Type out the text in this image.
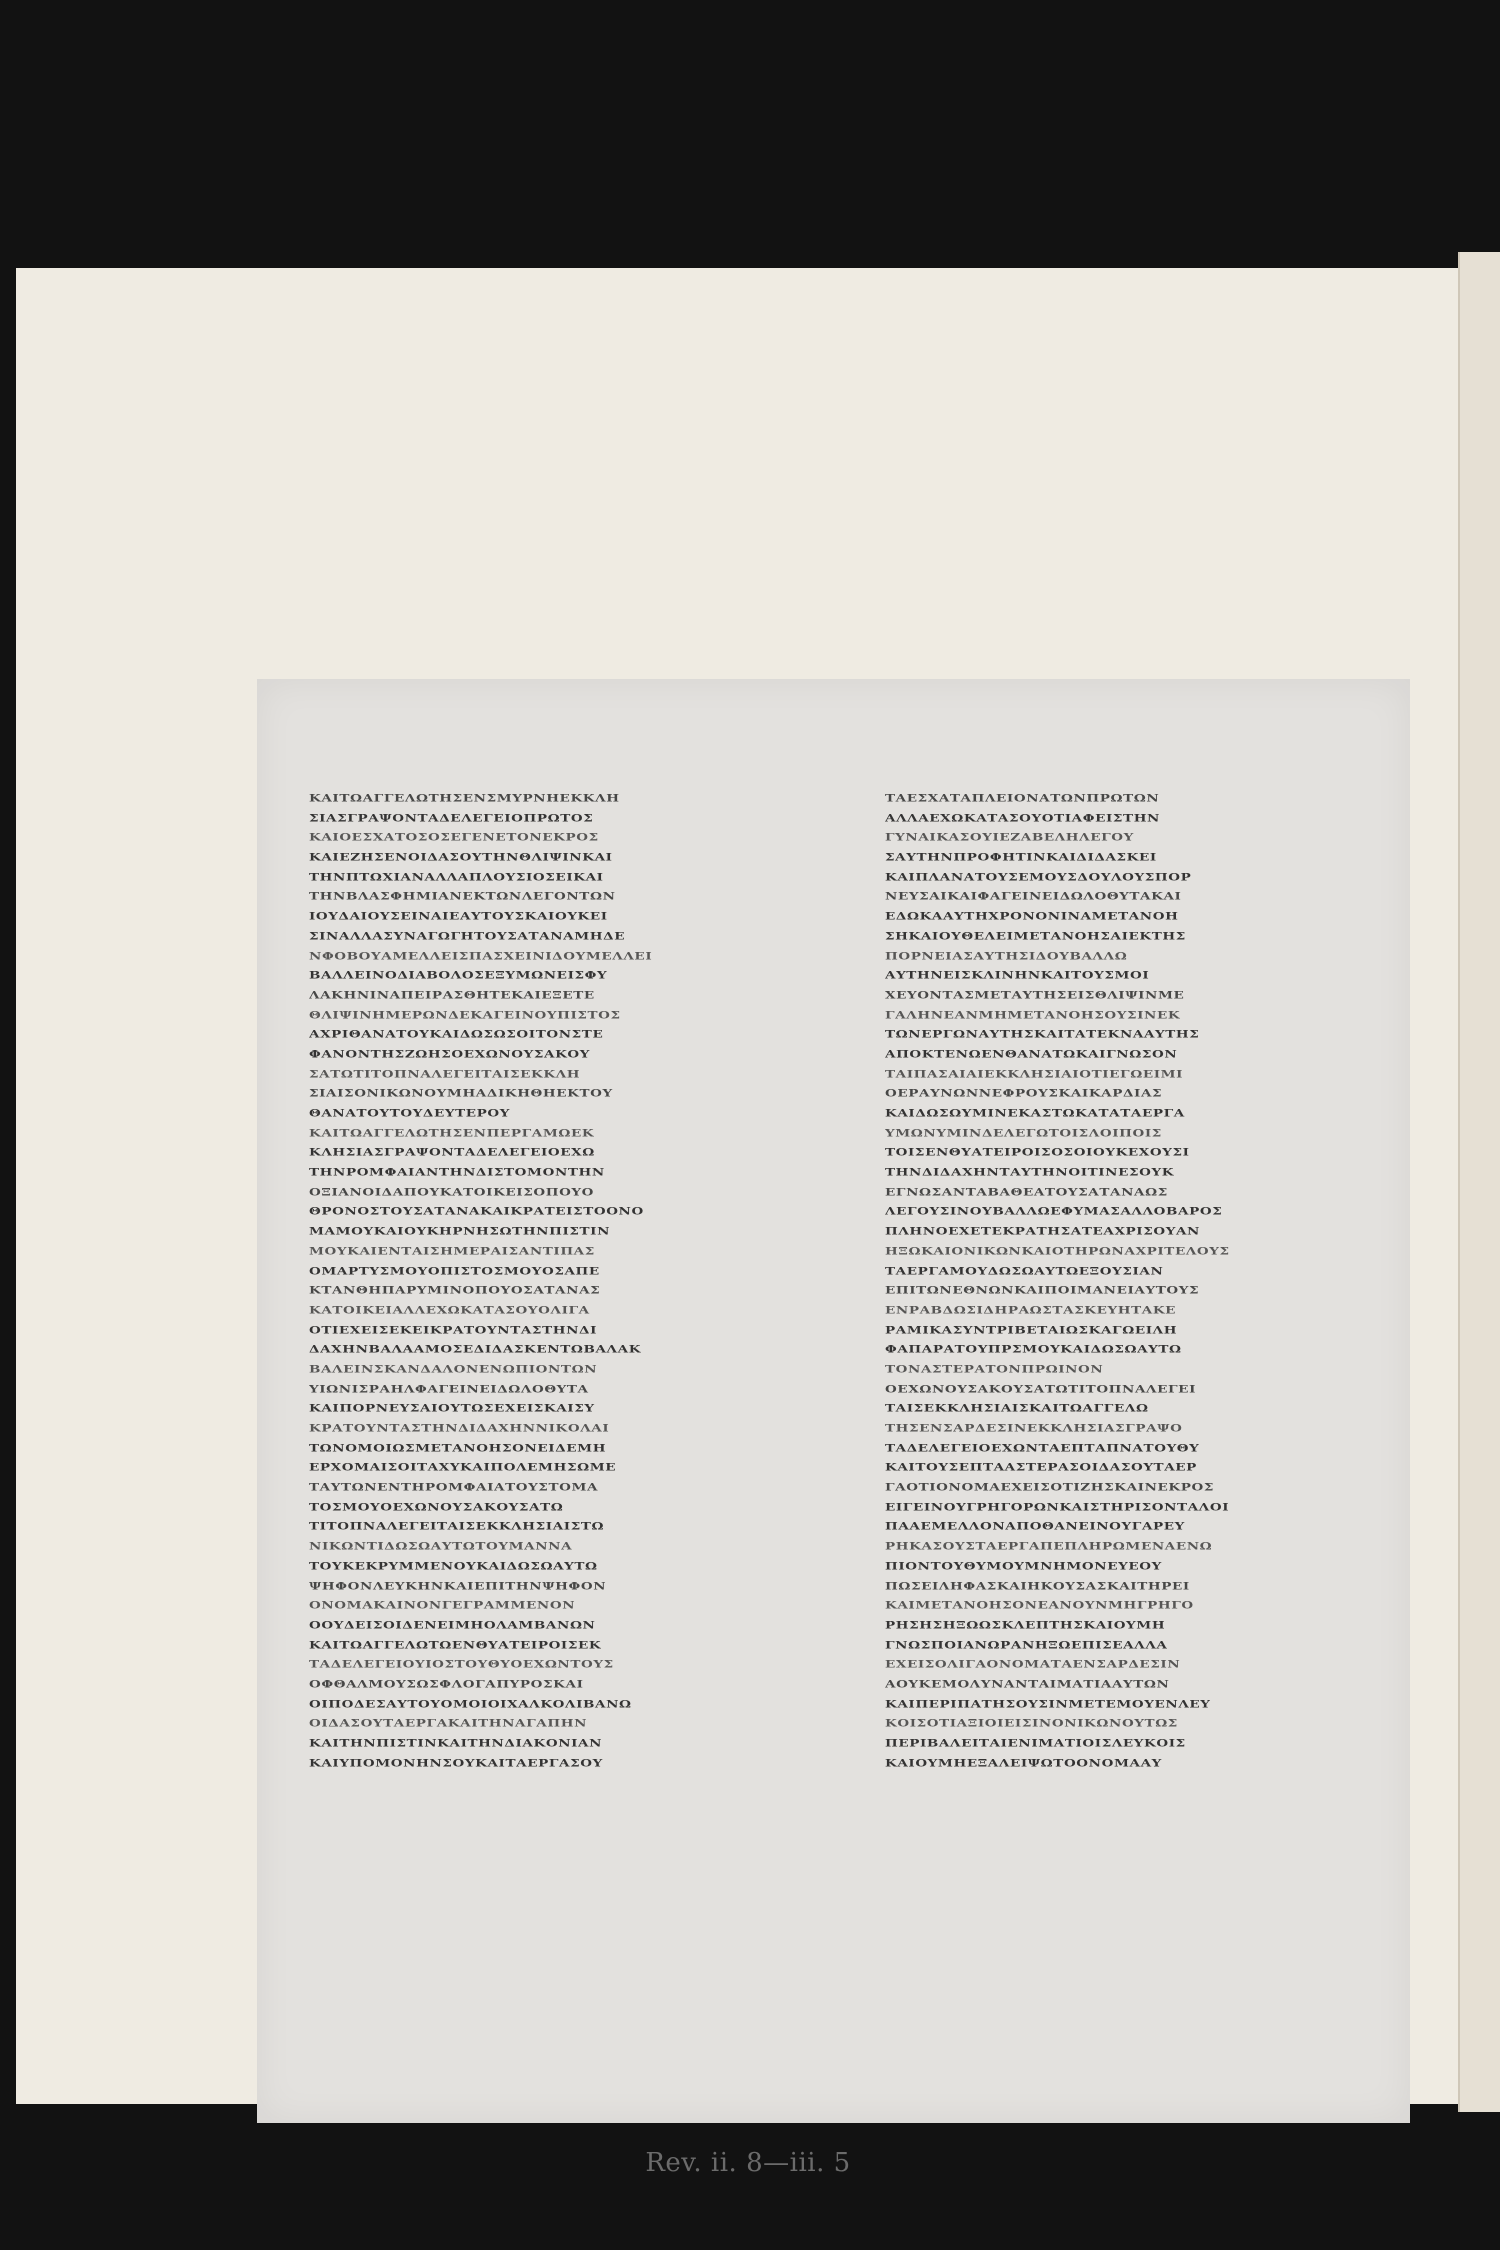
ΚΑΙΤΩΑΓΓΕΛΩΤΗΣΕΝΣΜΥΡΝΗΕΚΚΛΗ
ΣΙΑΣΓΡΑΨΟΝΤΑΔΕΛΕΓΕΙΟΠΡΩΤΟΣ
ΚΑΙΟΕΣΧΑΤΟΣΟΣΕΓΕΝΕΤΟΝΕΚΡΟΣ
ΚΑΙΕΖΗΣΕΝΟΙΔΑΣΟΥΤΗΝΘΛΙΨΙΝΚΑΙ
ΤΗΝΠΤΩΧΙΑΝΑΛΛΑΠΛΟΥΣΙΟΣΕΙΚΑΙ
ΤΗΝΒΛΑΣΦΗΜΙΑΝΕΚΤΩΝΛΕΓΟΝΤΩΝ
ΙΟΥΔΑΙΟΥΣΕΙΝΑΙΕΑΥΤΟΥΣΚΑΙΟΥΚΕΙ
ΣΙΝΑΛΛΑΣΥΝΑΓΩΓΗΤΟΥΣΑΤΑΝΑΜΗΔΕ
ΝΦΟΒΟΥΑΜΕΛΛΕΙΣΠΑΣΧΕΙΝΙΔΟΥΜΕΛΛΕΙ
ΒΑΛΛΕΙΝΟΔΙΑΒΟΛΟΣΕΞΥΜΩΝΕΙΣΦΥ
ΛΑΚΗΝΙΝΑΠΕΙΡΑΣΘΗΤΕΚΑΙΕΞΕΤΕ
ΘΛΙΨΙΝΗΜΕΡΩΝΔΕΚΑΓΕΙΝΟΥΠΙΣΤΟΣ
ΑΧΡΙΘΑΝΑΤΟΥΚΑΙΔΩΣΩΣΟΙΤΟΝΣΤΕ
ΦΑΝΟΝΤΗΣΖΩΗΣΟΕΧΩΝΟΥΣΑΚΟΥ
ΣΑΤΩΤΙΤΟΠΝΑΛΕΓΕΙΤΑΙΣΕΚΚΛΗ
ΣΙΑΙΣΟΝΙΚΩΝΟΥΜΗΑΔΙΚΗΘΗΕΚΤΟΥ
ΘΑΝΑΤΟΥΤΟΥΔΕΥΤΕΡΟΥ
ΚΑΙΤΩΑΓΓΕΛΩΤΗΣΕΝΠΕΡΓΑΜΩΕΚ
ΚΛΗΣΙΑΣΓΡΑΨΟΝΤΑΔΕΛΕΓΕΙΟΕΧΩ
ΤΗΝΡΟΜΦΑΙΑΝΤΗΝΔΙΣΤΟΜΟΝΤΗΝ
ΟΞΙΑΝΟΙΔΑΠΟΥΚΑΤΟΙΚΕΙΣΟΠΟΥΟ
ΘΡΟΝΟΣΤΟΥΣΑΤΑΝΑΚΑΙΚΡΑΤΕΙΣΤΟΟΝΟ
ΜΑΜΟΥΚΑΙΟΥΚΗΡΝΗΣΩΤΗΝΠΙΣΤΙΝ
ΜΟΥΚΑΙΕΝΤΑΙΣΗΜΕΡΑΙΣΑΝΤΙΠΑΣ
ΟΜΑΡΤΥΣΜΟΥΟΠΙΣΤΟΣΜΟΥΟΣΑΠΕ
ΚΤΑΝΘΗΠΑΡΥΜΙΝΟΠΟΥΟΣΑΤΑΝΑΣ
ΚΑΤΟΙΚΕΙΑΛΛΕΧΩΚΑΤΑΣΟΥΟΛΙΓΑ
ΟΤΙΕΧΕΙΣΕΚΕΙΚΡΑΤΟΥΝΤΑΣΤΗΝΔΙ
ΔΑΧΗΝΒΑΛΑΑΜΟΣΕΔΙΔΑΣΚΕΝΤΩΒΑΛΑΚ
ΒΑΛΕΙΝΣΚΑΝΔΑΛΟΝΕΝΩΠΙΟΝΤΩΝ
ΥΙΩΝΙΣΡΑΗΛΦΑΓΕΙΝΕΙΔΩΛΟΘΥΤΑ
ΚΑΙΠΟΡΝΕΥΣΑΙΟΥΤΩΣΕΧΕΙΣΚΑΙΣΥ
ΚΡΑΤΟΥΝΤΑΣΤΗΝΔΙΔΑΧΗΝΝΙΚΟΛΑΙ
ΤΩΝΟΜΟΙΩΣΜΕΤΑΝΟΗΣΟΝΕΙΔΕΜΗ
ΕΡΧΟΜΑΙΣΟΙΤΑΧΥΚΑΙΠΟΛΕΜΗΣΩΜΕ
ΤΑΥΤΩΝΕΝΤΗΡΟΜΦΑΙΑΤΟΥΣΤΟΜΑ
ΤΟΣΜΟΥΟΕΧΩΝΟΥΣΑΚΟΥΣΑΤΩ
ΤΙΤΟΠΝΑΛΕΓΕΙΤΑΙΣΕΚΚΛΗΣΙΑΙΣΤΩ
ΝΙΚΩΝΤΙΔΩΣΩΑΥΤΩΤΟΥΜΑΝΝΑ
ΤΟΥΚΕΚΡΥΜΜΕΝΟΥΚΑΙΔΩΣΩΑΥΤΩ
ΨΗΦΟΝΛΕΥΚΗΝΚΑΙΕΠΙΤΗΝΨΗΦΟΝ
ΟΝΟΜΑΚΑΙΝΟΝΓΕΓΡΑΜΜΕΝΟΝ
ΟΟΥΔΕΙΣΟΙΔΕΝΕΙΜΗΟΛΑΜΒΑΝΩΝ
ΚΑΙΤΩΑΓΓΕΛΩΤΩΕΝΘΥΑΤΕΙΡΟΙΣΕΚ
ΤΑΔΕΛΕΓΕΙΟΥΙΟΣΤΟΥΘΥΟΕΧΩΝΤΟΥΣ
ΟΦΘΑΛΜΟΥΣΩΣΦΛΟΓΑΠΥΡΟΣΚΑΙ
ΟΙΠΟΔΕΣΑΥΤΟΥΟΜΟΙΟΙΧΑΛΚΟΛΙΒΑΝΩ
ΟΙΔΑΣΟΥΤΑΕΡΓΑΚΑΙΤΗΝΑΓΑΠΗΝ
ΚΑΙΤΗΝΠΙΣΤΙΝΚΑΙΤΗΝΔΙΑΚΟΝΙΑΝ
ΚΑΙΥΠΟΜΟΝΗΝΣΟΥΚΑΙΤΑΕΡΓΑΣΟΥ
ΤΑΕΣΧΑΤΑΠΛΕΙΟΝΑΤΩΝΠΡΩΤΩΝ
ΑΛΛΑΕΧΩΚΑΤΑΣΟΥΟΤΙΑΦΕΙΣΤΗΝ
ΓΥΝΑΙΚΑΣΟΥΙΕΖΑΒΕΛΗΛΕΓΟΥ
ΣΑΥΤΗΝΠΡΟΦΗΤΙΝΚΑΙΔΙΔΑΣΚΕΙ
ΚΑΙΠΛΑΝΑΤΟΥΣΕΜΟΥΣΔΟΥΛΟΥΣΠΟΡ
ΝΕΥΣΑΙΚΑΙΦΑΓΕΙΝΕΙΔΩΛΟΘΥΤΑΚΑΙ
ΕΔΩΚΑΑΥΤΗΧΡΟΝΟΝΙΝΑΜΕΤΑΝΟΗ
ΣΗΚΑΙΟΥΘΕΛΕΙΜΕΤΑΝΟΗΣΑΙΕΚΤΗΣ
ΠΟΡΝΕΙΑΣΑΥΤΗΣΙΔΟΥΒΑΛΛΩ
ΑΥΤΗΝΕΙΣΚΛΙΝΗΝΚΑΙΤΟΥΣΜΟΙ
ΧΕΥΟΝΤΑΣΜΕΤΑΥΤΗΣΕΙΣΘΛΙΨΙΝΜΕ
ΓΑΛΗΝΕΑΝΜΗΜΕΤΑΝΟΗΣΟΥΣΙΝΕΚ
ΤΩΝΕΡΓΩΝΑΥΤΗΣΚΑΙΤΑΤΕΚΝΑΑΥΤΗΣ
ΑΠΟΚΤΕΝΩΕΝΘΑΝΑΤΩΚΑΙΓΝΩΣΟΝ
ΤΑΙΠΑΣΑΙΑΙΕΚΚΛΗΣΙΑΙΟΤΙΕΓΩΕΙΜΙ
ΟΕΡΑΥΝΩΝΝΕΦΡΟΥΣΚΑΙΚΑΡΔΙΑΣ
ΚΑΙΔΩΣΩΥΜΙΝΕΚΑΣΤΩΚΑΤΑΤΑΕΡΓΑ
ΥΜΩΝΥΜΙΝΔΕΛΕΓΩΤΟΙΣΛΟΙΠΟΙΣ
ΤΟΙΣΕΝΘΥΑΤΕΙΡΟΙΣΟΣΟΙΟΥΚΕΧΟΥΣΙ
ΤΗΝΔΙΔΑΧΗΝΤΑΥΤΗΝΟΙΤΙΝΕΣΟΥΚ
ΕΓΝΩΣΑΝΤΑΒΑΘΕΑΤΟΥΣΑΤΑΝΑΩΣ
ΛΕΓΟΥΣΙΝΟΥΒΑΛΛΩΕΦΥΜΑΣΑΛΛΟΒΑΡΟΣ
ΠΛΗΝΟΕΧΕΤΕΚΡΑΤΗΣΑΤΕΑΧΡΙΣΟΥΑΝ
ΗΞΩΚΑΙΟΝΙΚΩΝΚΑΙΟΤΗΡΩΝΑΧΡΙΤΕΛΟΥΣ
ΤΑΕΡΓΑΜΟΥΔΩΣΩΑΥΤΩΕΞΟΥΣΙΑΝ
ΕΠΙΤΩΝΕΘΝΩΝΚΑΙΠΟΙΜΑΝΕΙΑΥΤΟΥΣ
ΕΝΡΑΒΔΩΣΙΔΗΡΑΩΣΤΑΣΚΕΥΗΤΑΚΕ
ΡΑΜΙΚΑΣΥΝΤΡΙΒΕΤΑΙΩΣΚΑΓΩΕΙΛΗ
ΦΑΠΑΡΑΤΟΥΠΡΣΜΟΥΚΑΙΔΩΣΩΑΥΤΩ
ΤΟΝΑΣΤΕΡΑΤΟΝΠΡΩΙΝΟΝ
ΟΕΧΩΝΟΥΣΑΚΟΥΣΑΤΩΤΙΤΟΠΝΑΛΕΓΕΙ
ΤΑΙΣΕΚΚΛΗΣΙΑΙΣΚΑΙΤΩΑΓΓΕΛΩ
ΤΗΣΕΝΣΑΡΔΕΣΙΝΕΚΚΛΗΣΙΑΣΓΡΑΨΟ
ΤΑΔΕΛΕΓΕΙΟΕΧΩΝΤΑΕΠΤΑΠΝΑΤΟΥΘΥ
ΚΑΙΤΟΥΣΕΠΤΑΑΣΤΕΡΑΣΟΙΔΑΣΟΥΤΑΕΡ
ΓΑΟΤΙΟΝΟΜΑΕΧΕΙΣΟΤΙΖΗΣΚΑΙΝΕΚΡΟΣ
ΕΙΓΕΙΝΟΥΓΡΗΓΟΡΩΝΚΑΙΣΤΗΡΙΣΟΝΤΑΛΟΙ
ΠΑΑΕΜΕΛΛΟΝΑΠΟΘΑΝΕΙΝΟΥΓΑΡΕΥ
ΡΗΚΑΣΟΥΣΤΑΕΡΓΑΠΕΠΛΗΡΩΜΕΝΑΕΝΩ
ΠΙΟΝΤΟΥΘΥΜΟΥΜΝΗΜΟΝΕΥΕΟΥ
ΠΩΣΕΙΛΗΦΑΣΚΑΙΗΚΟΥΣΑΣΚΑΙΤΗΡΕΙ
ΚΑΙΜΕΤΑΝΟΗΣΟΝΕΑΝΟΥΝΜΗΓΡΗΓΟ
ΡΗΣΗΣΗΞΩΩΣΚΛΕΠΤΗΣΚΑΙΟΥΜΗ
ΓΝΩΣΠΟΙΑΝΩΡΑΝΗΞΩΕΠΙΣΕΑΛΛΑ
ΕΧΕΙΣΟΛΙΓΑΟΝΟΜΑΤΑΕΝΣΑΡΔΕΣΙΝ
ΑΟΥΚΕΜΟΛΥΝΑΝΤΑΙΜΑΤΙΑΑΥΤΩΝ
ΚΑΙΠΕΡΙΠΑΤΗΣΟΥΣΙΝΜΕΤΕΜΟΥΕΝΛΕΥ
ΚΟΙΣΟΤΙΑΞΙΟΙΕΙΣΙΝΟΝΙΚΩΝΟΥΤΩΣ
ΠΕΡΙΒΑΛΕΙΤΑΙΕΝΙΜΑΤΙΟΙΣΛΕΥΚΟΙΣ
ΚΑΙΟΥΜΗΕΞΑΛΕΙΨΩΤΟΟΝΟΜΑΑΥ
Rev. ii. 8—iii. 5
